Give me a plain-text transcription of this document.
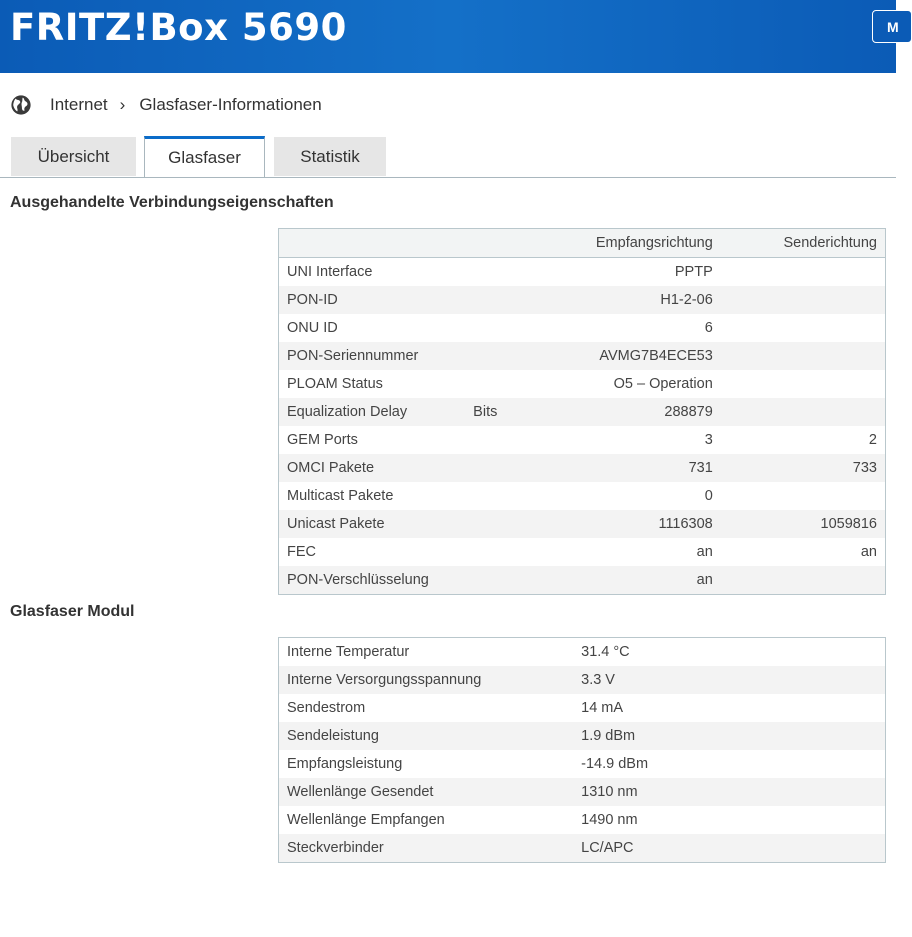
FRITZ!Box 5690	M
Internet › Glasfaser-Informationen
Übersicht	Glasfaser	Statistik
Ausgehandelte Verbindungseigenschaften
		Empfangsrichtung	Senderichtung
UNI Interface		PPTP	
PON-ID		H1-2-06	
ONU ID		6	
PON-Seriennummer		AVMG7B4ECE53	
PLOAM Status		O5 – Operation	
Equalization Delay	Bits	288879	
GEM Ports		3	2
OMCI Pakete		731	733
Multicast Pakete		0	
Unicast Pakete		1116308	1059816
FEC		an	an
PON-Verschlüsselung		an	
Glasfaser Modul
Interne Temperatur	31.4 °C
Interne Versorgungsspannung	3.3 V
Sendestrom	14 mA
Sendeleistung	1.9 dBm
Empfangsleistung	-14.9 dBm
Wellenlänge Gesendet	1310 nm
Wellenlänge Empfangen	1490 nm
Steckverbinder	LC/APC
